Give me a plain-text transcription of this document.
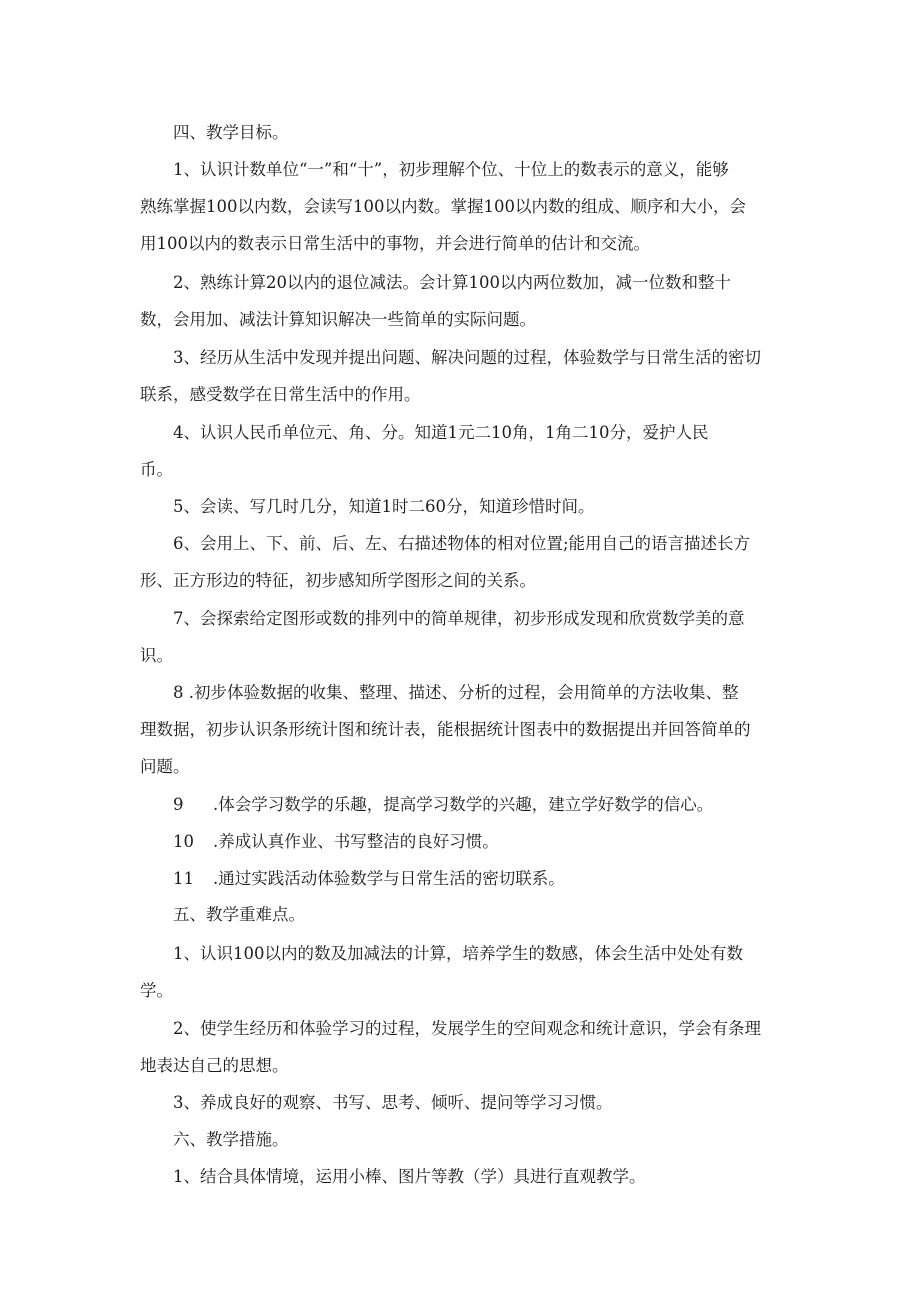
四、教学目标。
1、认识计数单位“一”和“十”，初步理解个位、十位上的数表示的意义，能够
熟练掌握100以内数，会读写100以内数。掌握100以内数的组成、顺序和大小，会
用100以内的数表示日常生活中的事物，并会进行简单的估计和交流。
2、熟练计算20以内的退位减法。会计算100以内两位数加，减一位数和整十
数，会用加、减法计算知识解决一些简单的实际问题。
3、经历从生活中发现并提出问题、解决问题的过程，体验数学与日常生活的密切
联系，感受数学在日常生活中的作用。
4、认识人民币单位元、角、分。知道1元二10角，1角二10分，爱护人民
币。
5、会读、写几时几分，知道1时二60分，知道珍惜时间。
6、会用上、下、前、后、左、右描述物体的相对位置;能用自己的语言描述长方
形、正方形边的特征，初步感知所学图形之间的关系。
7、会探索给定图形或数的排列中的简单规律，初步形成发现和欣赏数学美的意
识。
8 .初步体验数据的收集、整理、描述、分析的过程，会用简单的方法收集、整
理数据，初步认识条形统计图和统计表，能根据统计图表中的数据提出并回答简单的
问题。
9 .体会学习数学的乐趣，提高学习数学的兴趣，建立学好数学的信心。
10 .养成认真作业、书写整洁的良好习惯。
11 .通过实践活动体验数学与日常生活的密切联系。
五、教学重难点。
1、认识100以内的数及加减法的计算，培养学生的数感，体会生活中处处有数
学。
2、使学生经历和体验学习的过程，发展学生的空间观念和统计意识，学会有条理
地表达自己的思想。
3、养成良好的观察、书写、思考、倾听、提问等学习习惯。
六、教学措施。
1、结合具体情境，运用小棒、图片等教（学）具进行直观教学。
